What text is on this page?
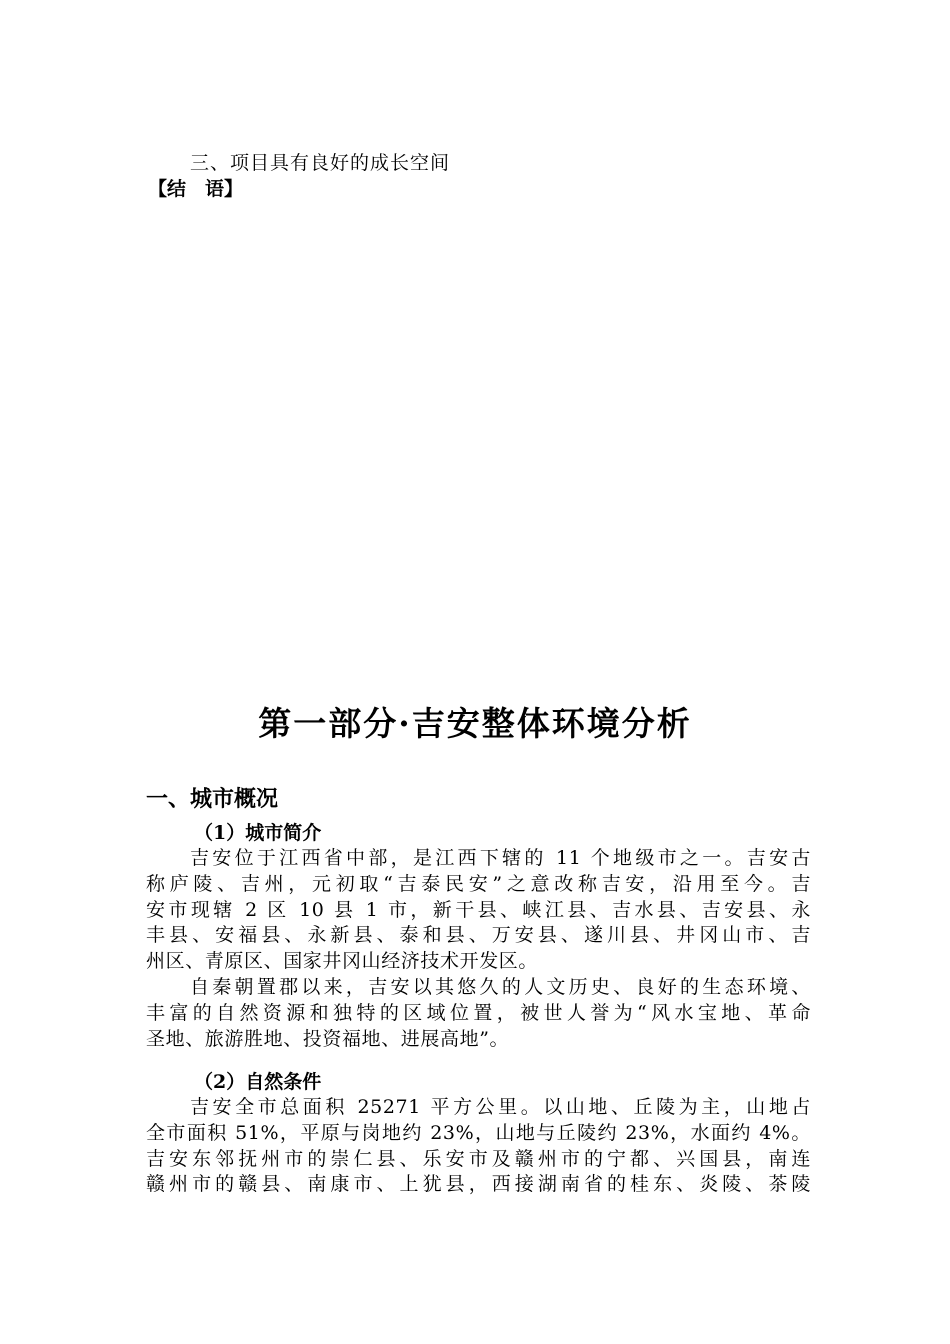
三、项目具有良好的成长空间
【结　语】
第一部分·吉安整体环境分析
一、城市概况
（1）城市简介
吉安位于江西省中部，是江西下辖的 11 个地级市之一。吉安古
称庐陵、吉州，元初取“吉泰民安”之意改称吉安，沿用至今。吉
安市现辖 2 区 10 县 1 市，新干县、峡江县、吉水县、吉安县、永
丰县、安福县、永新县、泰和县、万安县、遂川县、井冈山市、吉
州区、青原区、国家井冈山经济技术开发区。
自秦朝置郡以来，吉安以其悠久的人文历史、良好的生态环境、
丰富的自然资源和独特的区域位置，被世人誉为“风水宝地、革命
圣地、旅游胜地、投资福地、进展高地”。
（2）自然条件
吉安全市总面积 25271 平方公里。以山地、丘陵为主，山地占
全市面积 51%，平原与岗地约 23%，山地与丘陵约 23%，水面约 4%。
吉安东邻抚州市的崇仁县、乐安市及赣州市的宁都、兴国县，南连
赣州市的赣县、南康市、上犹县，西接湖南省的桂东、炎陵、茶陵
